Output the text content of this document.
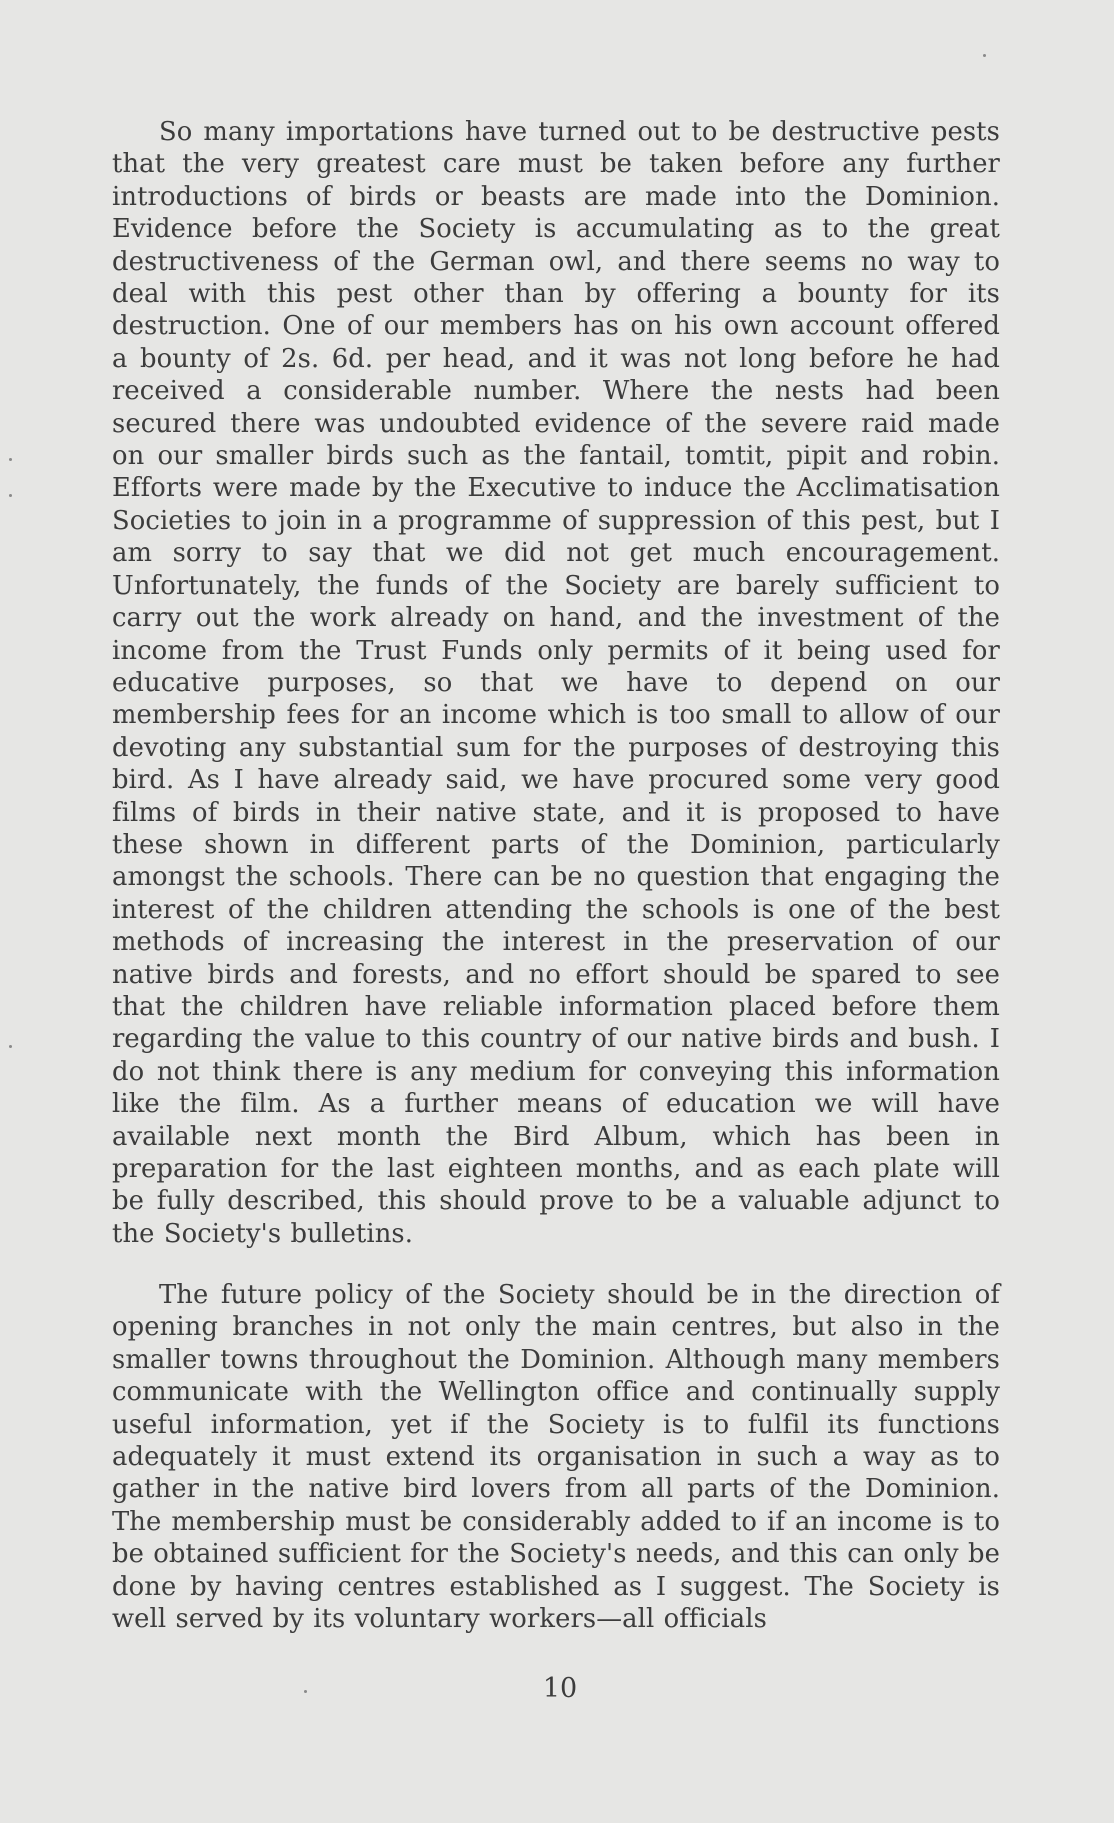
So many importations have turned out to be destructive pests that the very greatest care must be taken before any further introductions of birds or beasts are made into the Dominion. Evidence before the Society is accumulating as to the great destructiveness of the German owl, and there seems no way to deal with this pest other than by offering a bounty for its destruction. One of our members has on his own account offered a bounty of 2s. 6d. per head, and it was not long before he had received a considerable number. Where the nests had been secured there was undoubted evidence of the severe raid made on our smaller birds such as the fantail, tomtit, pipit and robin. Efforts were made by the Executive to induce the Acclimatisation Societies to join in a programme of suppression of this pest, but I am sorry to say that we did not get much encouragement. Unfortunately, the funds of the Society are barely sufficient to carry out the work already on hand, and the investment of the income from the Trust Funds only permits of it being used for educative purposes, so that we have to depend on our membership fees for an income which is too small to allow of our devoting any substantial sum for the purposes of destroying this bird. As I have already said, we have procured some very good films of birds in their native state, and it is proposed to have these shown in different parts of the Dominion, particularly amongst the schools. There can be no question that engaging the interest of the children attending the schools is one of the best methods of increasing the interest in the preservation of our native birds and forests, and no effort should be spared to see that the children have reliable information placed before them regarding the value to this country of our native birds and bush. I do not think there is any medium for conveying this information like the film. As a further means of education we will have available next month the Bird Album, which has been in preparation for the last eighteen months, and as each plate will be fully described, this should prove to be a valuable adjunct to the Society's bulletins.

The future policy of the Society should be in the direction of opening branches in not only the main centres, but also in the smaller towns throughout the Dominion. Although many members communicate with the Wellington office and continually supply useful information, yet if the Society is to fulfil its functions adequately it must extend its organisation in such a way as to gather in the native bird lovers from all parts of the Dominion. The membership must be considerably added to if an income is to be obtained sufficient for the Society's needs, and this can only be done by having centres established as I suggest. The Society is well served by its voluntary workers—all officials

10
